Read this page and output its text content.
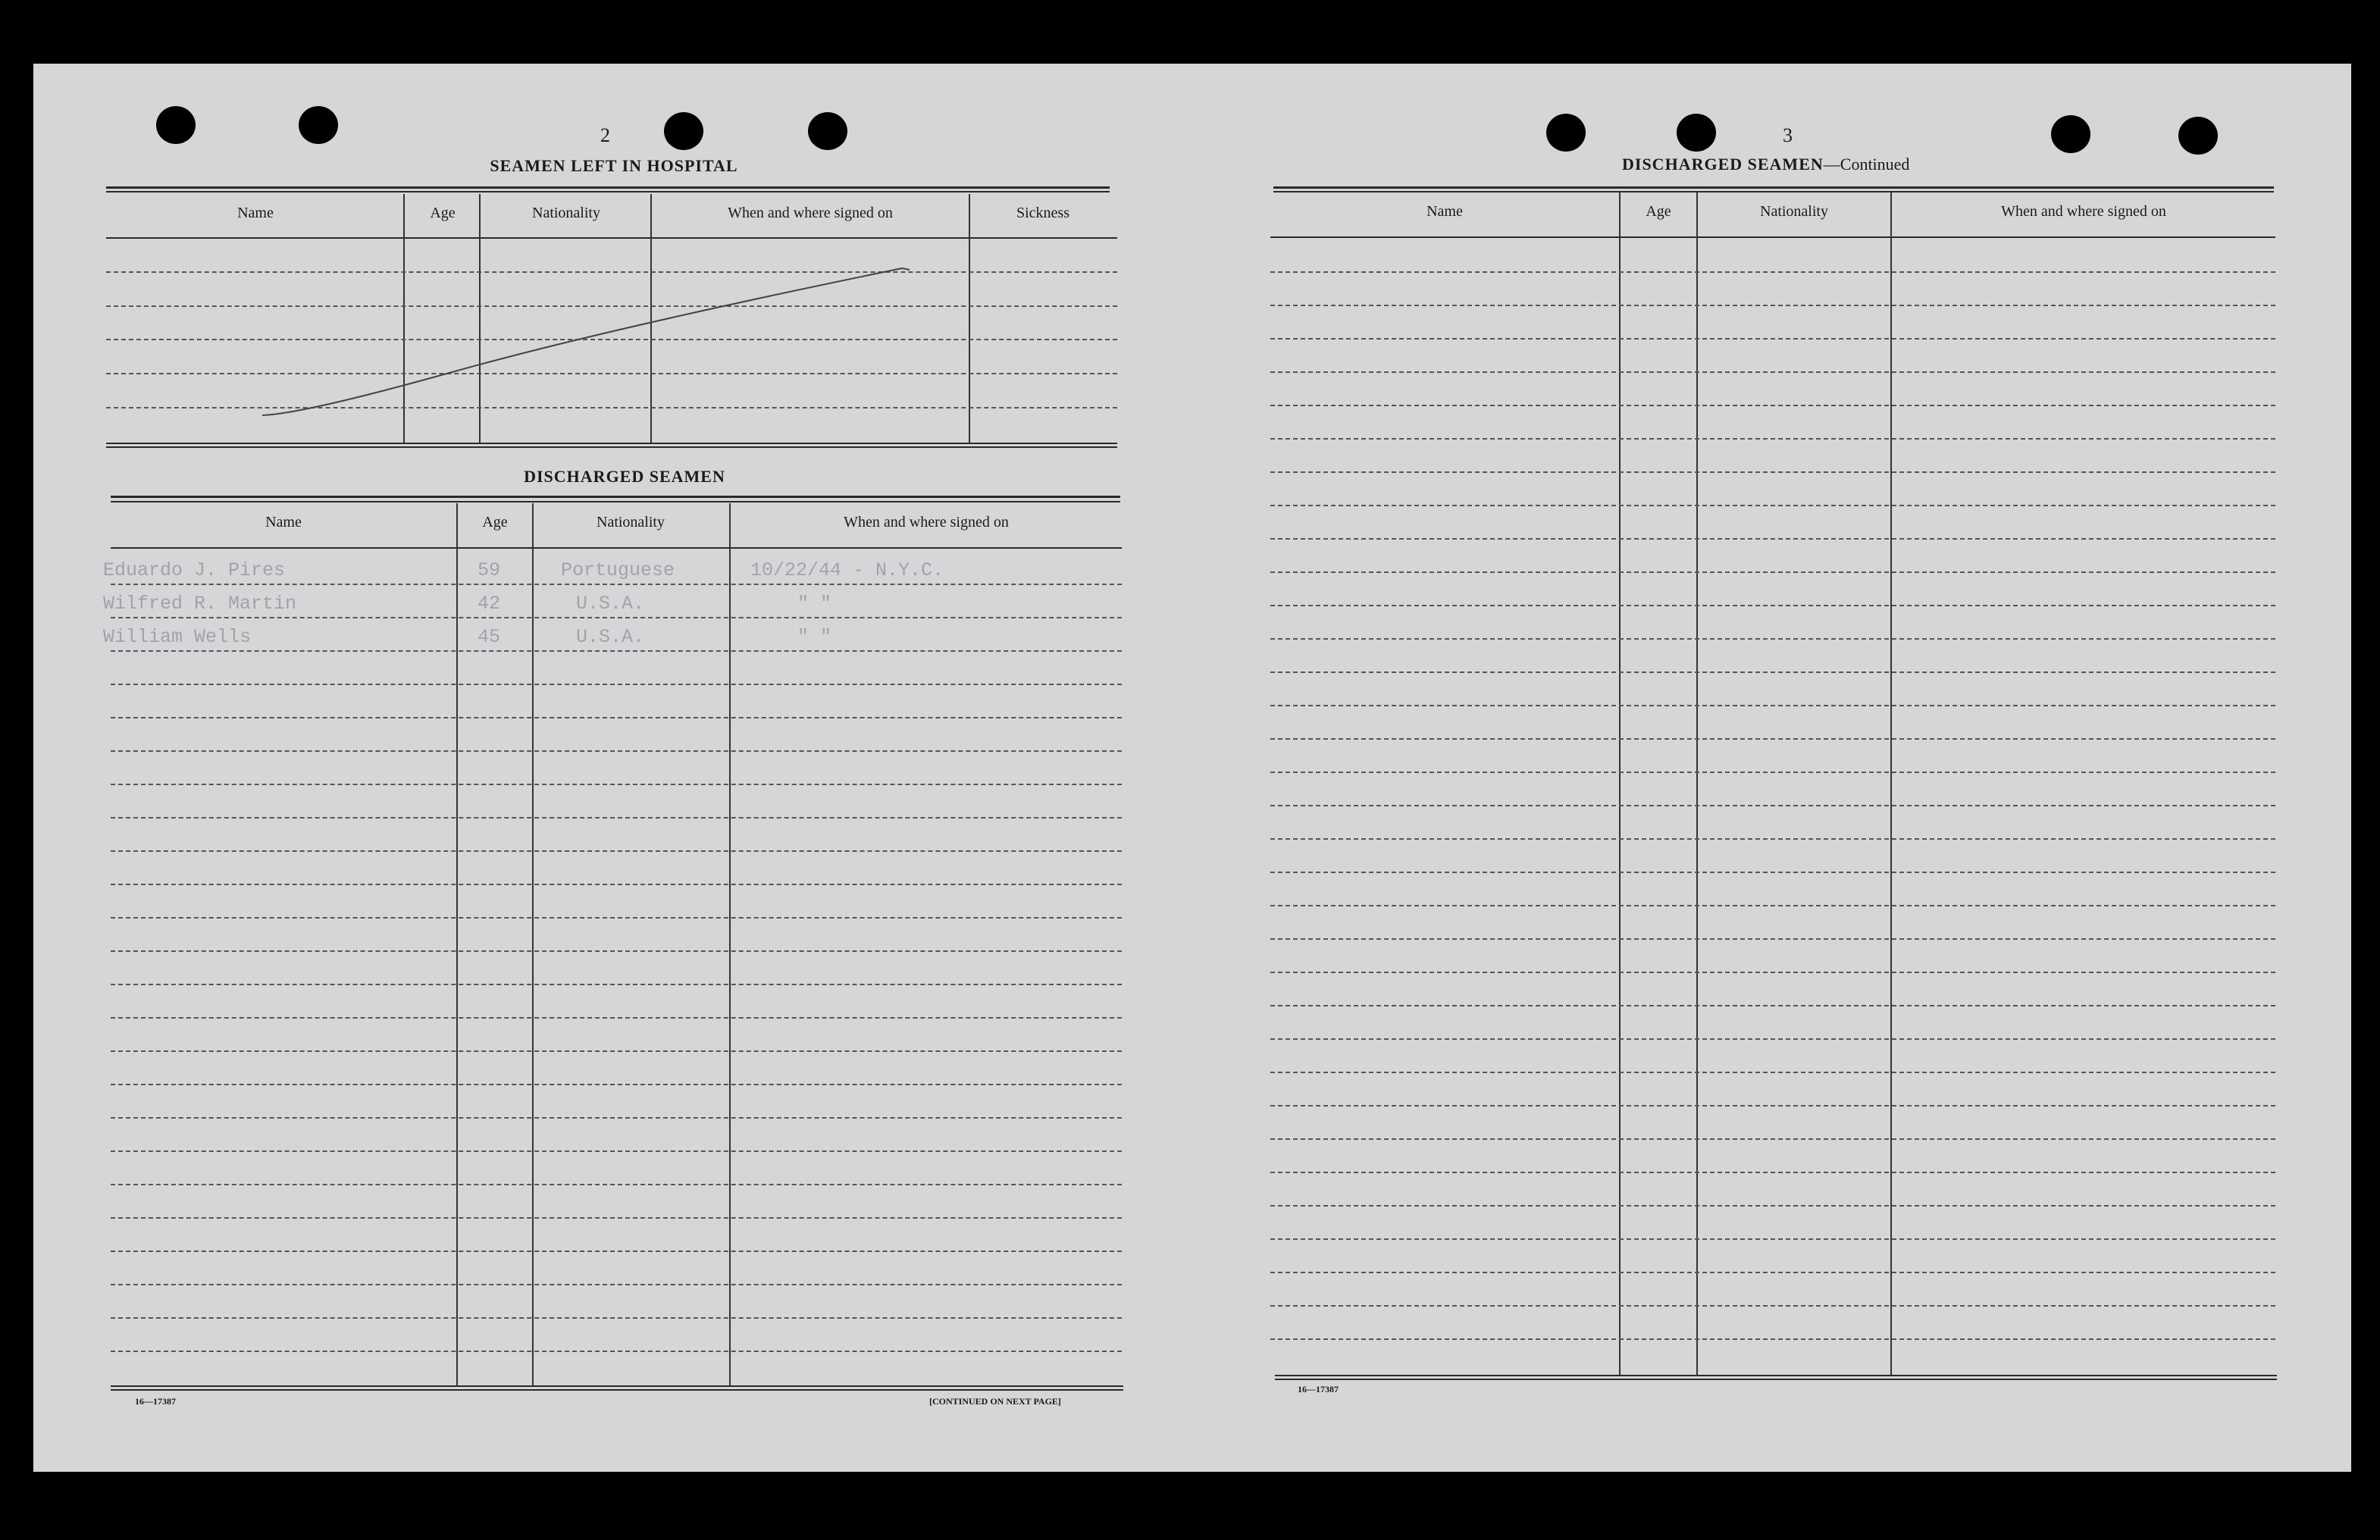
2
SEAMEN LEFT IN HOSPITAL
Name	Age	Nationality	When and where signed on	Sickness
DISCHARGED SEAMEN
Name	Age	Nationality	When and where signed on
Eduardo J. Pires	59	Portuguese	10/22/44 - N.Y.C.
Wilfred R. Martin	42	U.S.A.	" "
William Wells	45	U.S.A.	" "
16—17387	[CONTINUED ON NEXT PAGE]
3
DISCHARGED SEAMEN—Continued
Name	Age	Nationality	When and where signed on
16—17387
